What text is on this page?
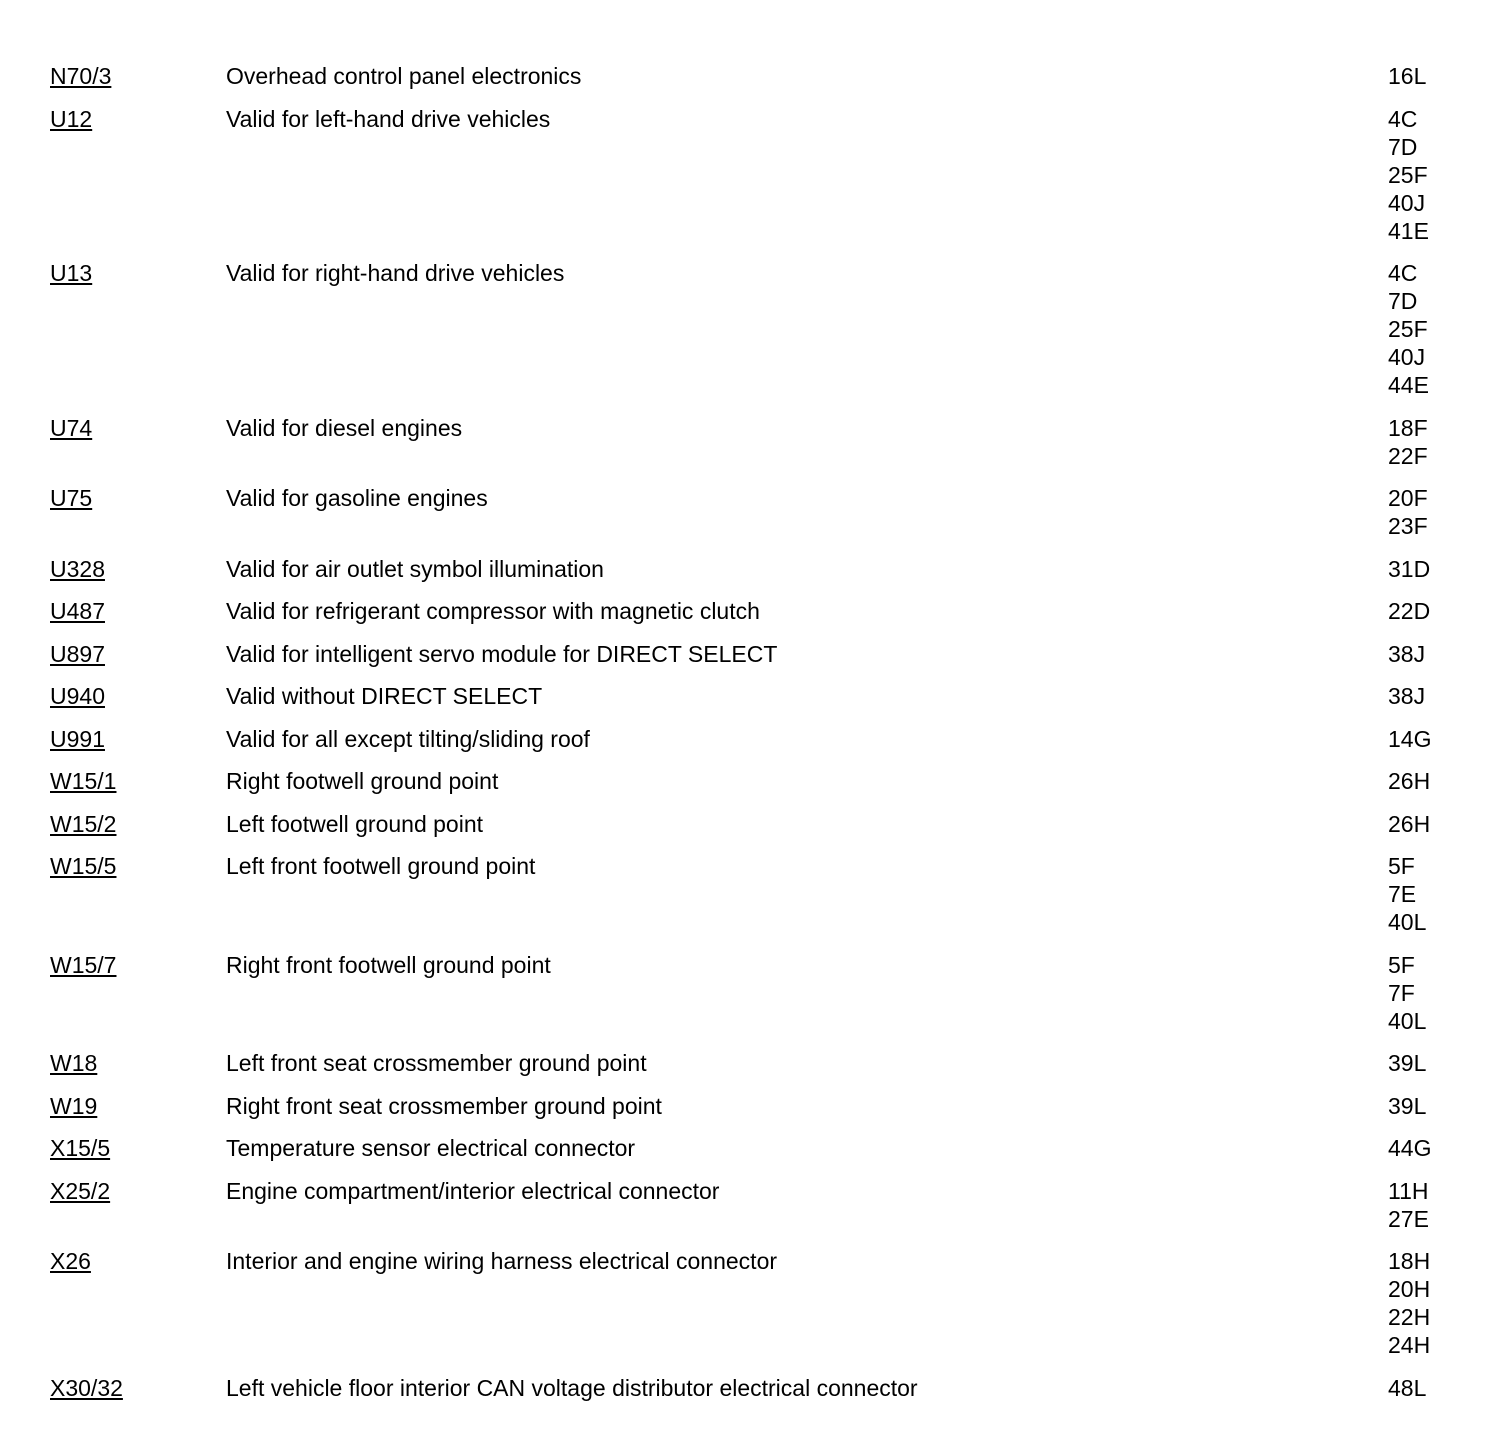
N70/3	Overhead control panel electronics	16L
U12	Valid for left-hand drive vehicles	4C
7D
25F
40J
41E
U13	Valid for right-hand drive vehicles	4C
7D
25F
40J
44E
U74	Valid for diesel engines	18F
22F
U75	Valid for gasoline engines	20F
23F
U328	Valid for air outlet symbol illumination	31D
U487	Valid for refrigerant compressor with magnetic clutch	22D
U897	Valid for intelligent servo module for DIRECT SELECT	38J
U940	Valid without DIRECT SELECT	38J
U991	Valid for all except tilting/sliding roof	14G
W15/1	Right footwell ground point	26H
W15/2	Left footwell ground point	26H
W15/5	Left front footwell ground point	5F
7E
40L
W15/7	Right front footwell ground point	5F
7F
40L
W18	Left front seat crossmember ground point	39L
W19	Right front seat crossmember ground point	39L
X15/5	Temperature sensor electrical connector	44G
X25/2	Engine compartment/interior electrical connector	11H
27E
X26	Interior and engine wiring harness electrical connector	18H
20H
22H
24H
X30/32	Left vehicle floor interior CAN voltage distributor electrical connector	48L
